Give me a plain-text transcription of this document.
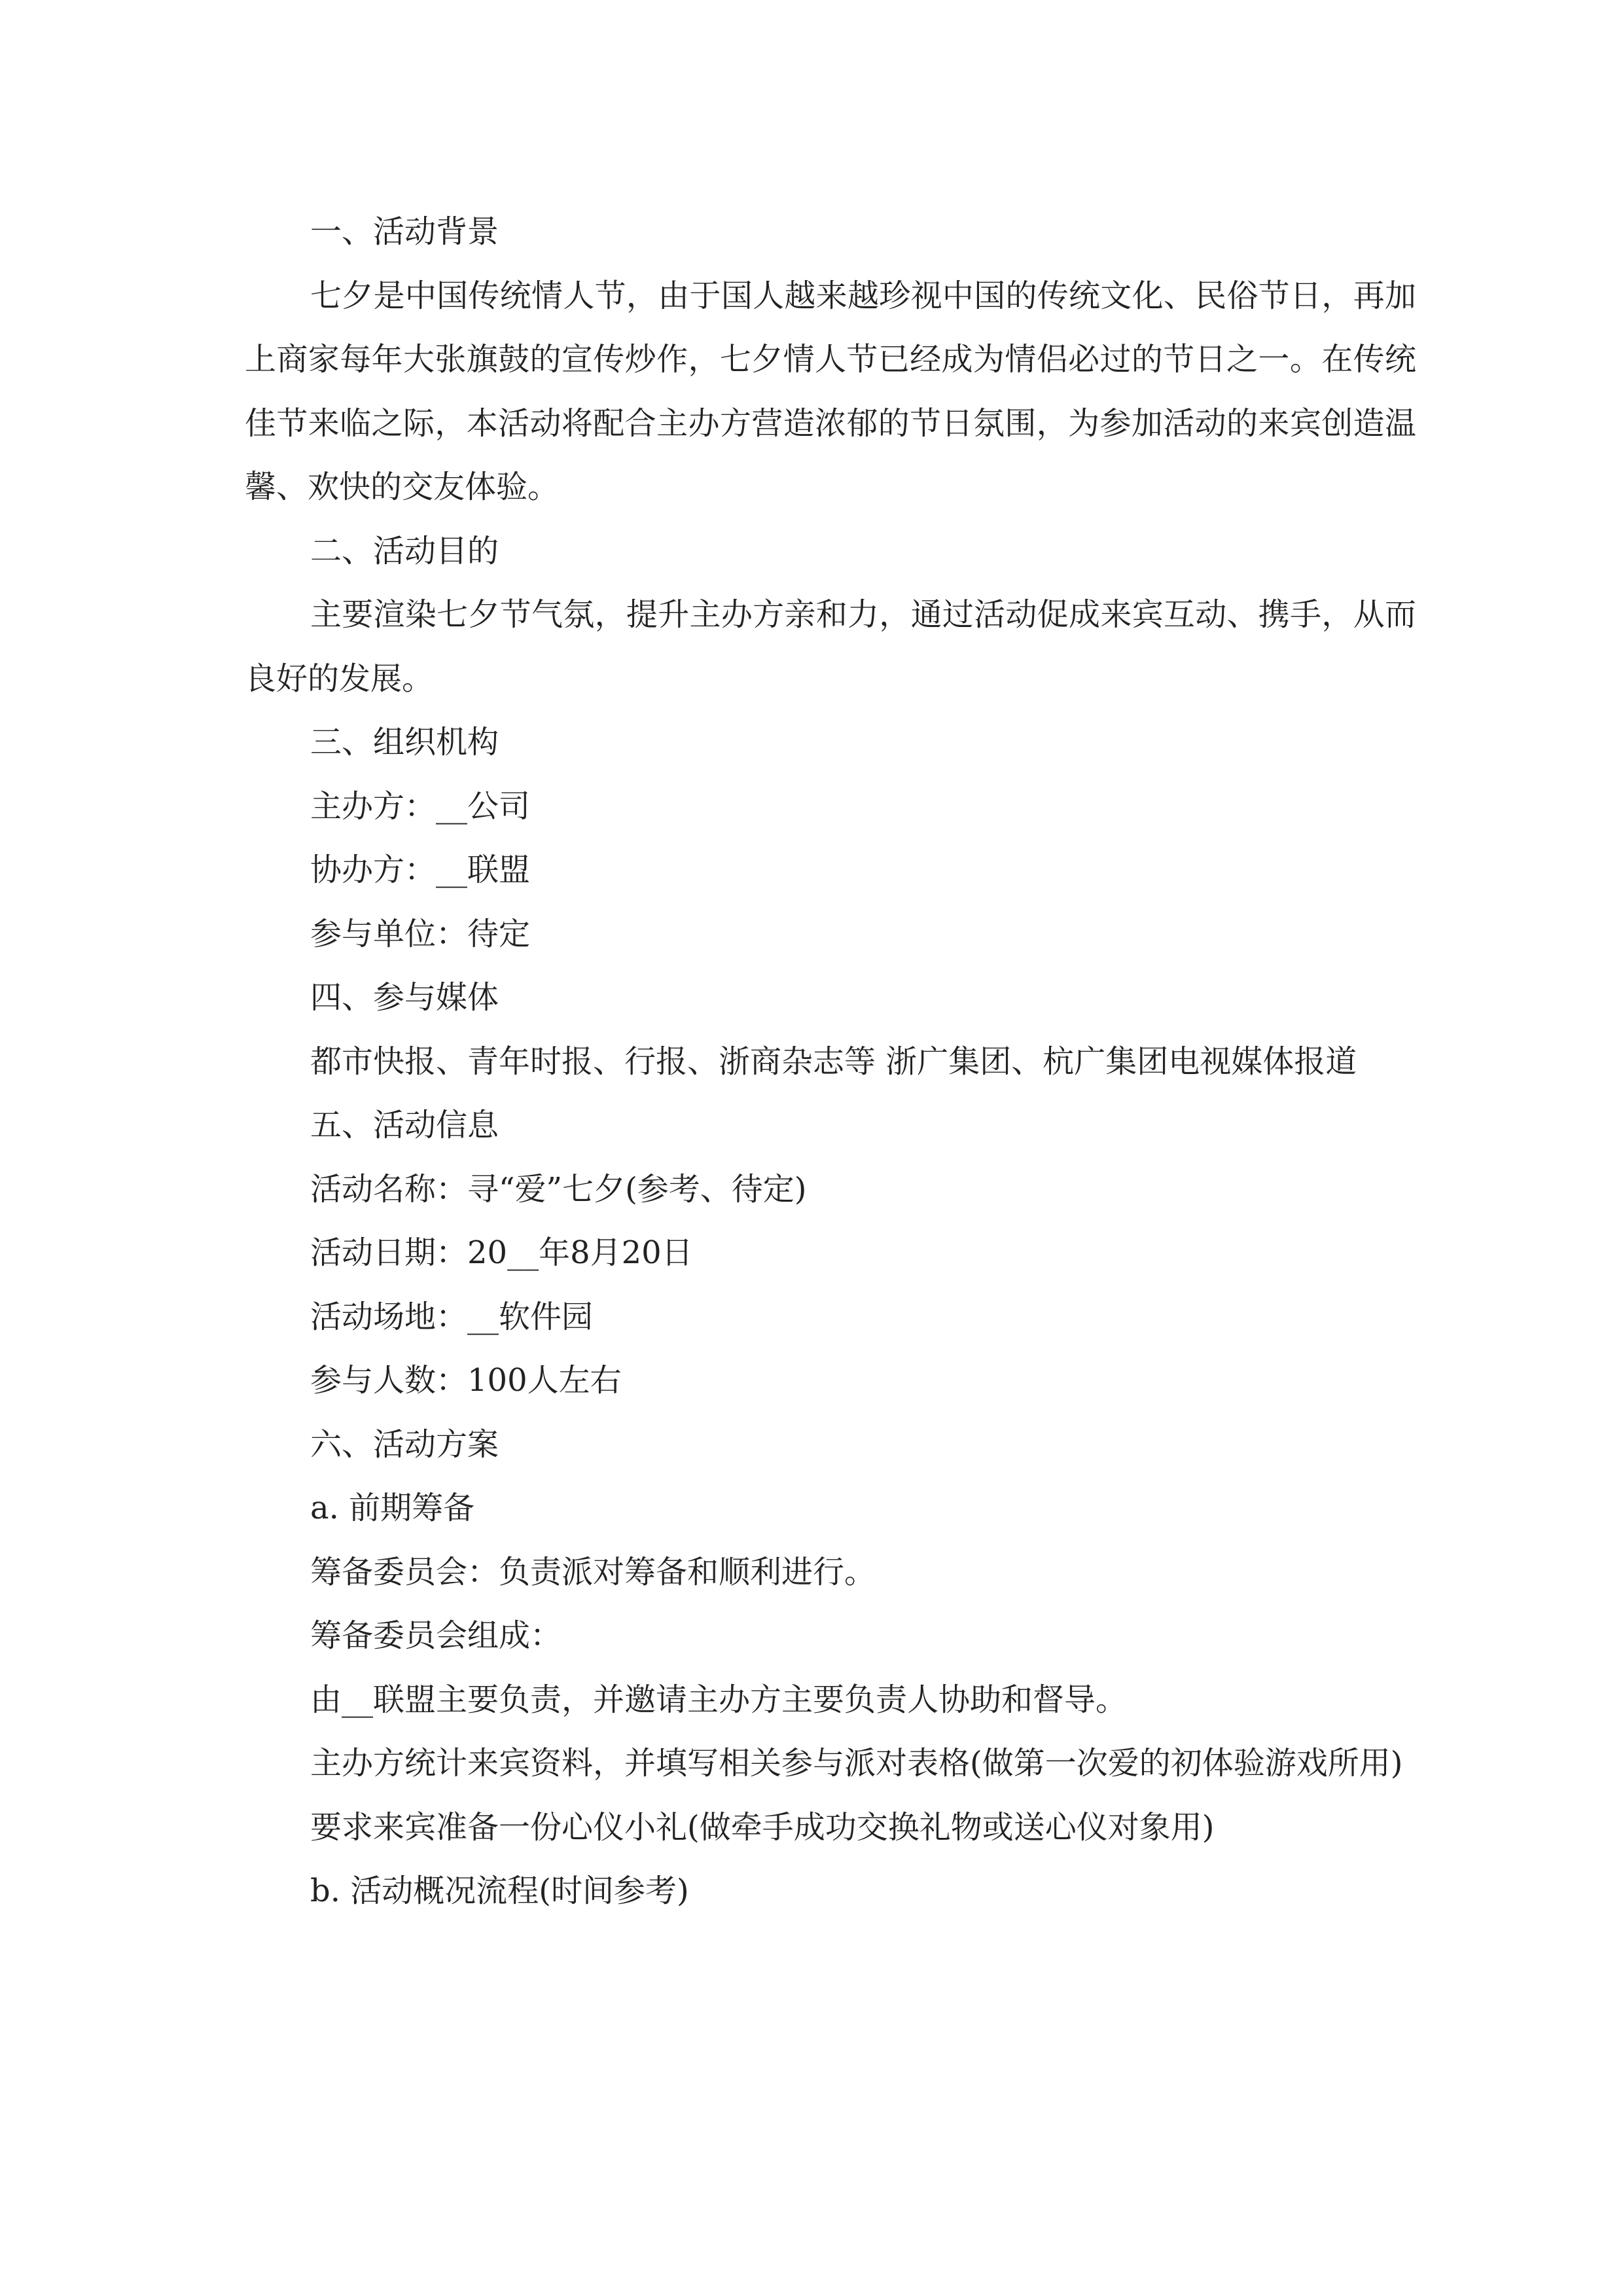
一、活动背景

七夕是中国传统情人节，由于国人越来越珍视中国的传统文化、民俗节日，再加上商家每年大张旗鼓的宣传炒作，七夕情人节已经成为情侣必过的节日之一。在传统佳节来临之际，本活动将配合主办方营造浓郁的节日氛围，为参加活动的来宾创造温馨、欢快的交友体验。

二、活动目的

主要渲染七夕节气氛，提升主办方亲和力，通过活动促成来宾互动、携手，从而良好的发展。

三、组织机构

主办方：__公司

协办方：__联盟

参与单位：待定

四、参与媒体

都市快报、青年时报、行报、浙商杂志等 浙广集团、杭广集团电视媒体报道

五、活动信息

活动名称：寻“爱”七夕(参考、待定)

活动日期：20__年8月20日

活动场地：__软件园

参与人数：100人左右

六、活动方案

a. 前期筹备

筹备委员会：负责派对筹备和顺利进行。

筹备委员会组成：

由__联盟主要负责，并邀请主办方主要负责人协助和督导。

主办方统计来宾资料，并填写相关参与派对表格(做第一次爱的初体验游戏所用)

要求来宾准备一份心仪小礼(做牵手成功交换礼物或送心仪对象用)

b. 活动概况流程(时间参考)
